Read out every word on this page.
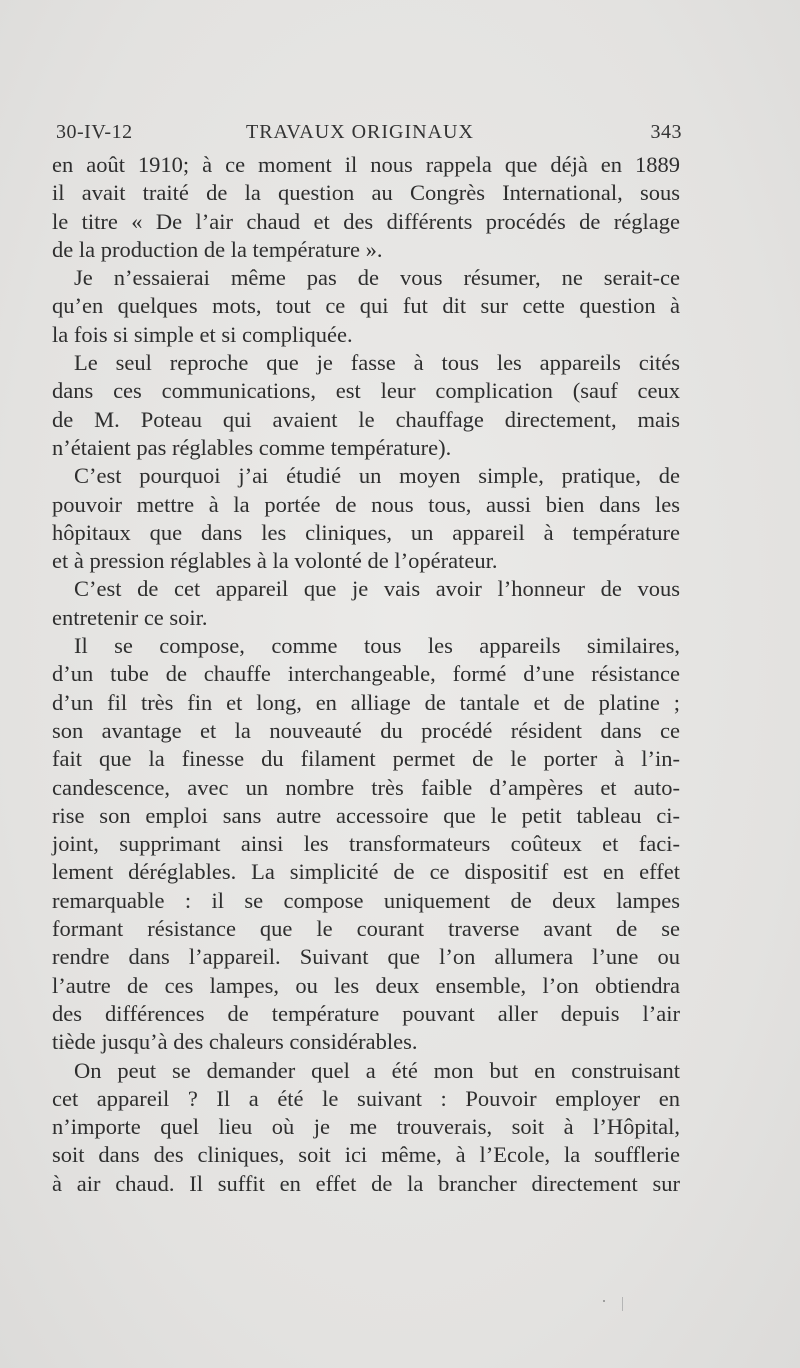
30-IV-12	TRAVAUX ORIGINAUX	343
en août 1910; à ce moment il nous rappela que déjà en 1889
il avait traité de la question au Congrès International, sous
le titre « De l’air chaud et des différents procédés de réglage
de la production de la température ».
Je n’essaierai même pas de vous résumer, ne serait-ce
qu’en quelques mots, tout ce qui fut dit sur cette question à
la fois si simple et si compliquée.
Le seul reproche que je fasse à tous les appareils cités
dans ces communications, est leur complication (sauf ceux
de M. Poteau qui avaient le chauffage directement, mais
n’étaient pas réglables comme température).
C’est pourquoi j’ai étudié un moyen simple, pratique, de
pouvoir mettre à la portée de nous tous, aussi bien dans les
hôpitaux que dans les cliniques, un appareil à température
et à pression réglables à la volonté de l’opérateur.
C’est de cet appareil que je vais avoir l’honneur de vous
entretenir ce soir.
Il se compose, comme tous les appareils similaires,
d’un tube de chauffe interchangeable, formé d’une résistance
d’un fil très fin et long, en alliage de tantale et de platine ;
son avantage et la nouveauté du procédé résident dans ce
fait que la finesse du filament permet de le porter à l’in-
candescence, avec un nombre très faible d’ampères et auto-
rise son emploi sans autre accessoire que le petit tableau ci-
joint, supprimant ainsi les transformateurs coûteux et faci-
lement déréglables. La simplicité de ce dispositif est en effet
remarquable : il se compose uniquement de deux lampes
formant résistance que le courant traverse avant de se
rendre dans l’appareil. Suivant que l’on allumera l’une ou
l’autre de ces lampes, ou les deux ensemble, l’on obtiendra
des différences de température pouvant aller depuis l’air
tiède jusqu’à des chaleurs considérables.
On peut se demander quel a été mon but en construisant
cet appareil ? Il a été le suivant : Pouvoir employer en
n’importe quel lieu où je me trouverais, soit à l’Hôpital,
soit dans des cliniques, soit ici même, à l’Ecole, la soufflerie
à air chaud. Il suffit en effet de la brancher directement sur
